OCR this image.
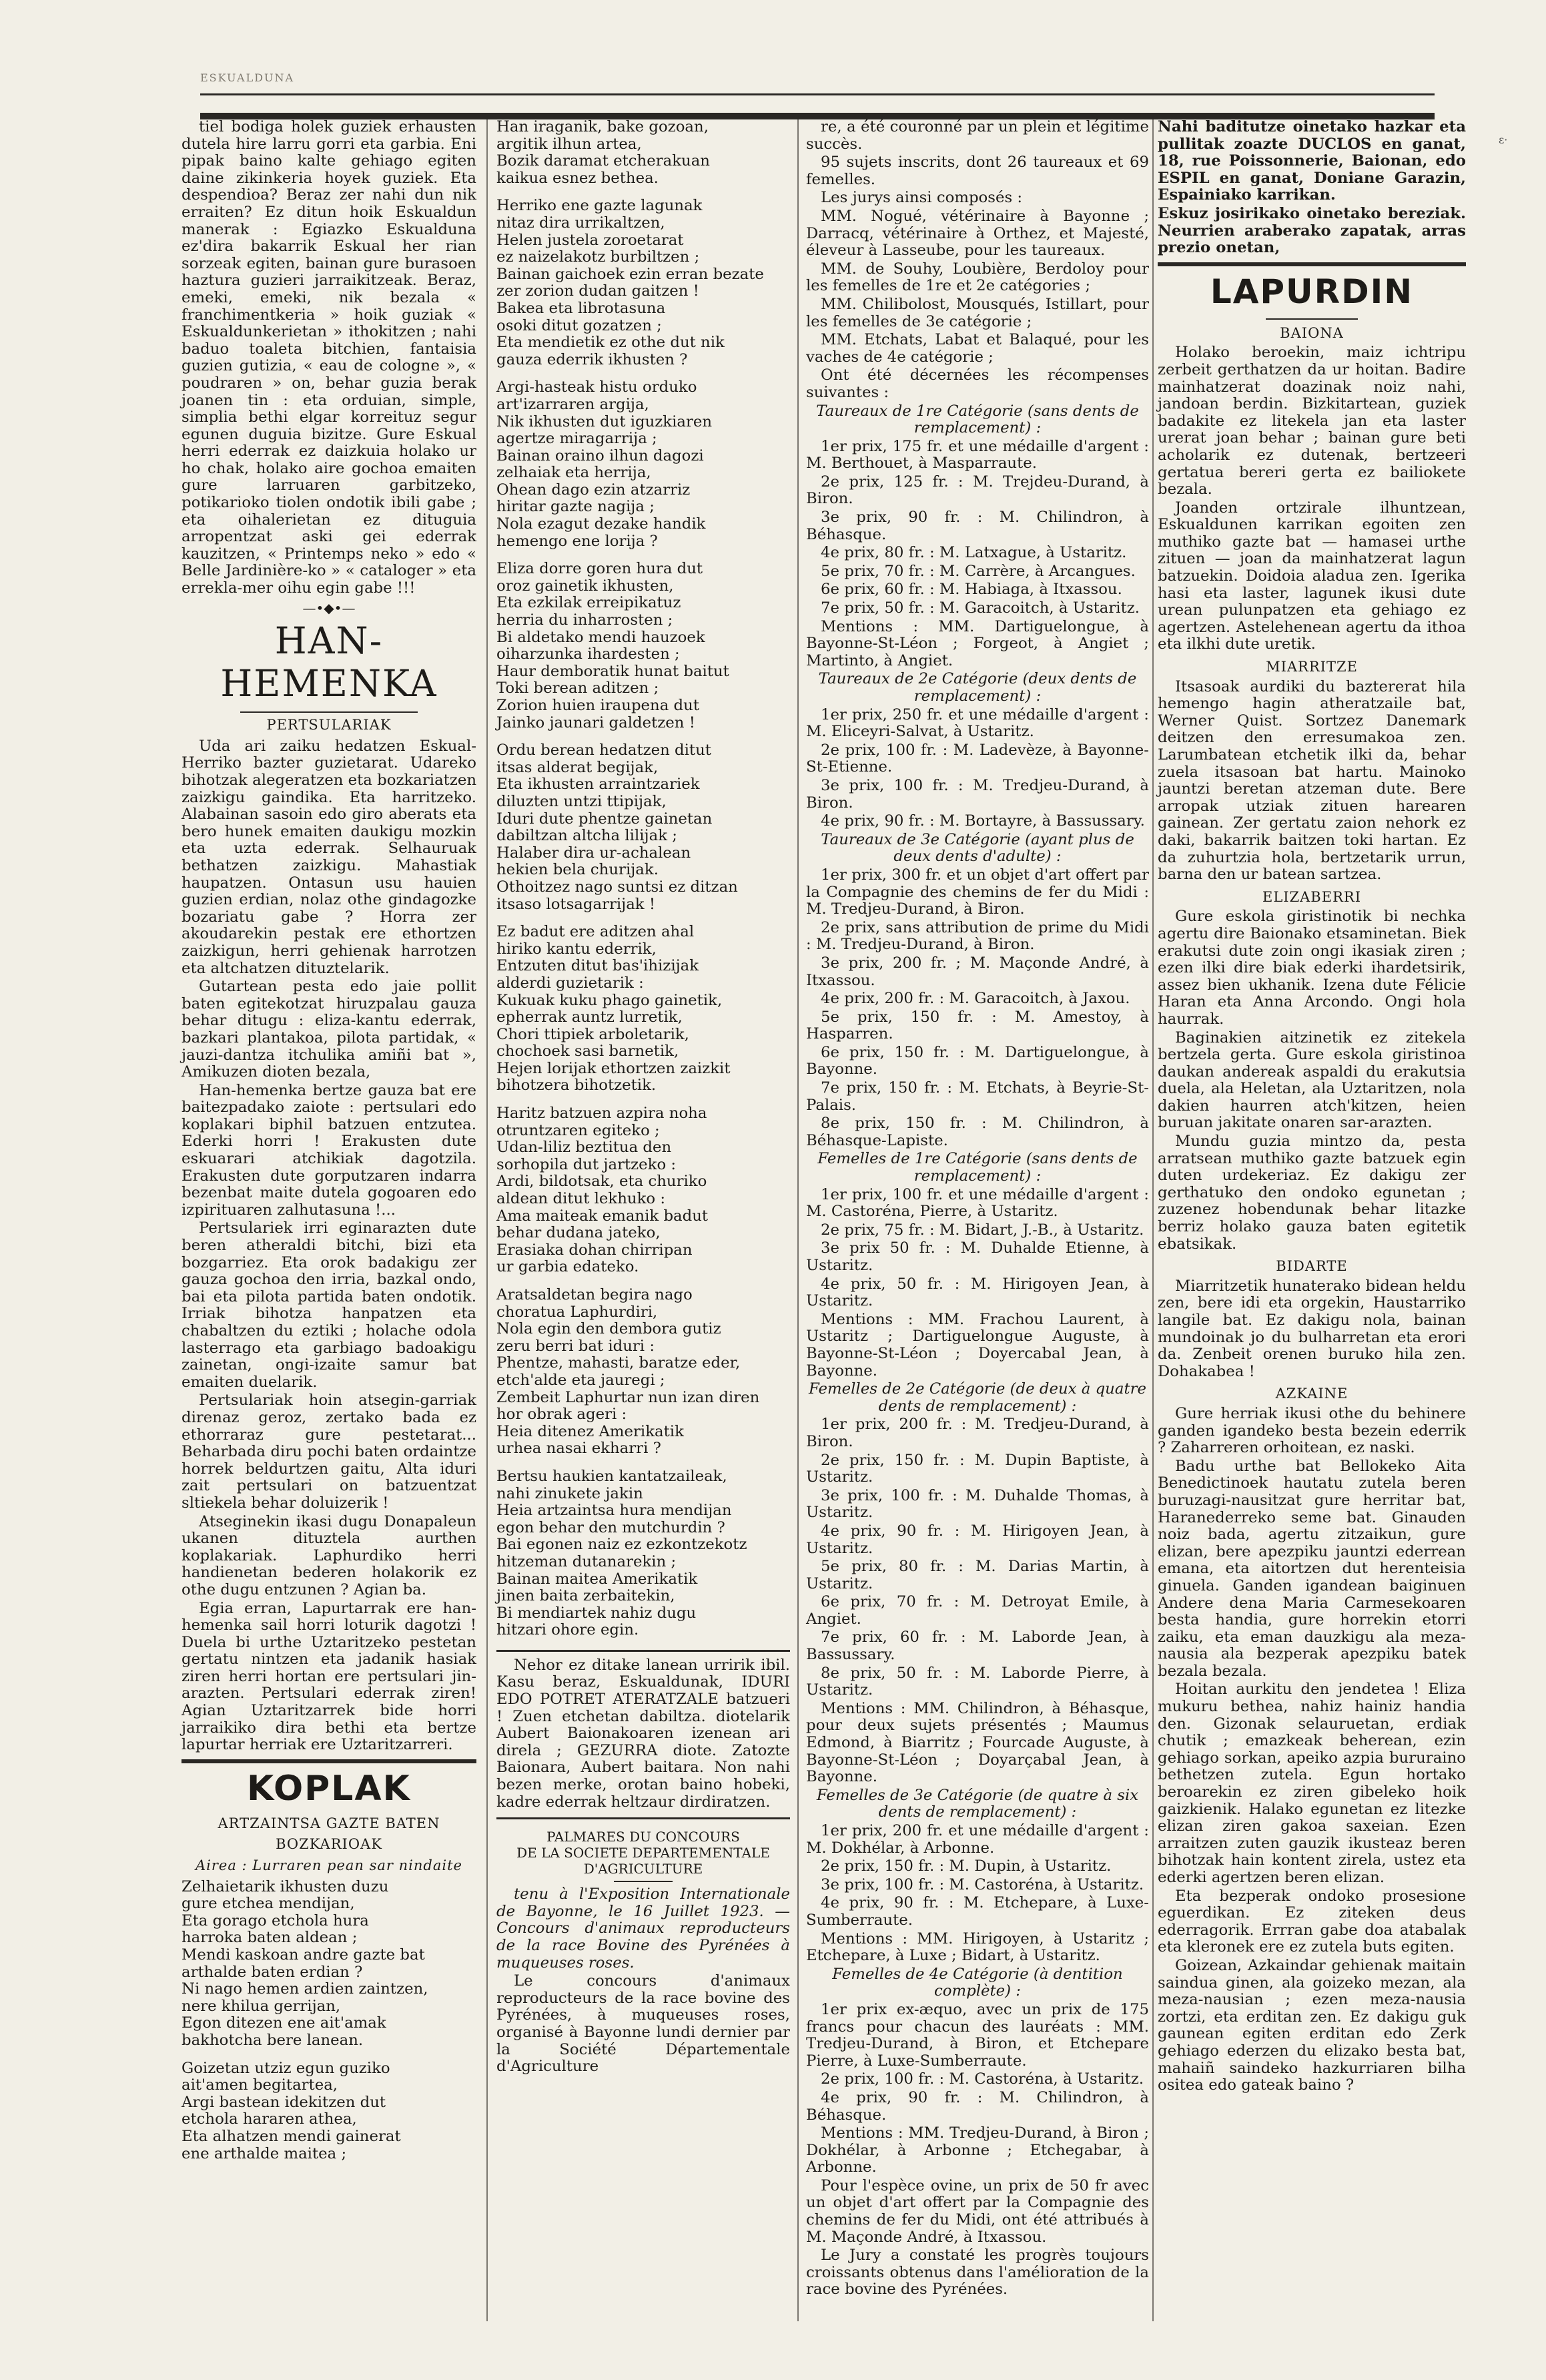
ESKUALDUNA
ɛ·

tiel bodiga holek guziek erhausten dutela hire larru gorri eta garbia. Eni pipak baino kalte gehiago egiten daine zikinkeria hoyek guziek. Eta despendioa? Beraz zer nahi dun nik erraiten? Ez ditun hoik Eskualdun manerak : Egiazko Eskualduna ez'dira bakarrik Eskual her rian sorzeak egiten, bainan gure burasoen haztura guzieri jarraikitzeak. Beraz, emeki, emeki, nik bezala « franchimentkeria » hoik guziak « Eskualdunkerietan » ithokitzen ; nahi baduo toaleta bitchien, fantaisia guzien gutizia, « eau de cologne », « poudraren » on, behar guzia berak joanen tin : eta orduian, simple, simplia bethi elgar korreituz segur egunen duguia bizitze. Gure Eskual herri ederrak ez daizkuia holako ur ho chak, holako aire gochoa emaiten gure larruaren garbitzeko, potikarioko tiolen ondotik ibili gabe ; eta oihalerietan ez dituguia arropentzat aski gei ederrak kauzitzen, « Printemps neko » edo « Belle Jardinière-ko » « cataloger » eta errekla-mer oihu egin gabe !!!

—•◆•—
HAN-HEMENKA
PERTSULARIAK

Uda ari zaiku hedatzen Eskual-Herriko bazter guzietarat. Udareko bihotzak alegeratzen eta bozkariatzen zaizkigu gaindika. Eta harritzeko. Alabainan sasoin edo giro aberats eta bero hunek emaiten daukigu mozkin eta uzta ederrak. Selhauruak bethatzen zaizkigu. Mahastiak haupatzen. Ontasun usu hauien guzien erdian, nolaz othe gindagozke bozariatu gabe ? Horra zer akoudarekin pestak ere ethortzen zaizkigun, herri gehienak harrotzen eta altchatzen dituztelarik.

Gutartean pesta edo jaie pollit baten egitekotzat hiruzpalau gauza behar ditugu : eliza-kantu ederrak, bazkari plantakoa, pilota partidak, « jauzi-dantza itchulika amiñi bat », Amikuzen dioten bezala,

Han-hemenka bertze gauza bat ere baitezpadako zaiote : pertsulari edo koplakari biphil batzuen entzutea. Ederki horri ! Erakusten dute eskuarari atchikiak dagotzila. Erakusten dute gorputzaren indarra bezenbat maite dutela gogoaren edo izpirituaren zalhutasuna !...

Pertsulariek irri eginarazten dute beren atheraldi bitchi, bizi eta bozgarriez. Eta orok badakigu zer gauza gochoa den irria, bazkal ondo, bai eta pilota partida baten ondotik. Irriak bihotza hanpatzen eta chabaltzen du eztiki ; holache odola lasterrago eta garbiago badoakigu zainetan, ongi-izaite samur bat emaiten duelarik.

Pertsulariak hoin atsegin-garriak direnaz geroz, zertako bada ez ethorraraz gure pestetarat... Beharbada diru pochi baten ordaintze horrek beldurtzen gaitu, Alta iduri zait pertsulari on batzuentzat sltiekela behar doluizerik !

Atseginekin ikasi dugu Donapaleun ukanen dituztela aurthen koplakariak. Laphurdiko herri handienetan bederen holakorik ez othe dugu entzunen ? Agian ba.

Egia erran, Lapurtarrak ere han-hemenka sail horri loturik dagotzi ! Duela bi urthe Uztaritzeko pestetan gertatu nintzen eta jadanik hasiak ziren herri hortan ere pertsulari jin-arazten. Pertsulari ederrak ziren! Agian Uztaritzarrek bide horri jarraikiko dira bethi eta bertze lapurtar herriak ere Uztaritzarreri.

KOPLAK
ARTZAINTSA GAZTE BATEN
BOZKARIOAK
Airea : Lurraren pean sar nindaite

Zelhaietarik ikhusten duzu

gure etchea mendijan,

Eta gorago etchola hura

harroka baten aldean ;

Mendi kaskoan andre gazte bat

arthalde baten erdian ?

Ni nago hemen ardien zaintzen,

nere khilua gerrijan,

Egon ditezen ene ait'amak

bakhotcha bere lanean.

Goizetan utziz egun guziko

ait'amen begitartea,

Argi bastean idekitzen dut

etchola hararen athea,

Eta alhatzen mendi gainerat

ene arthalde maitea ;

Han iraganik, bake gozoan,

argitik ilhun artea,

Bozik daramat etcherakuan

kaikua esnez bethea.

Herriko ene gazte lagunak

nitaz dira urrikaltzen,

Helen justela zoroetarat

ez naizelakotz burbiltzen ;

Bainan gaichoek ezin erran bezate

zer zorion dudan gaitzen !

Bakea eta librotasuna

osoki ditut gozatzen ;

Eta mendietik ez othe dut nik

gauza ederrik ikhusten ?

Argi-hasteak histu orduko

art'izarraren argija,

Nik ikhusten dut iguzkiaren

agertze miragarrija ;

Bainan oraino ilhun dagozi

zelhaiak eta herrija,

Ohean dago ezin atzarriz

hiritar gazte nagija ;

Nola ezagut dezake handik

hemengo ene lorija ?

Eliza dorre goren hura dut

oroz gainetik ikhusten,

Eta ezkilak erreipikatuz

herria du inharrosten ;

Bi aldetako mendi hauzoek

oiharzunka ihardesten ;

Haur demboratik hunat baitut

Toki berean aditzen ;

Zorion huien iraupena dut

Jainko jaunari galdetzen !

Ordu berean hedatzen ditut

itsas alderat begijak,

Eta ikhusten arraintzariek

diluzten untzi ttipijak,

Iduri dute phentze gainetan

dabiltzan altcha lilijak ;

Halaber dira ur-achalean

hekien bela churijak.

Othoitzez nago suntsi ez ditzan

itsaso lotsagarrijak !

Ez badut ere aditzen ahal

hiriko kantu ederrik,

Entzuten ditut bas'ihizijak

alderdi guzietarik :

Kukuak kuku phago gainetik,

epherrak auntz lurretik,

Chori ttipiek arboletarik,

chochoek sasi barnetik,

Hejen lorijak ethortzen zaizkit

bihotzera bihotzetik.

Haritz batzuen azpira noha

otruntzaren egiteko ;

Udan-liliz beztitua den

sorhopila dut jartzeko :

Ardi, bildotsak, eta churiko

aldean ditut lekhuko :

Ama maiteak emanik badut

behar dudana jateko,

Erasiaka dohan chirripan

ur garbia edateko.

Aratsaldetan begira nago

choratua Laphurdiri,

Nola egin den dembora gutiz

zeru berri bat iduri :

Phentze, mahasti, baratze eder,

etch'alde eta jauregi ;

Zembeit Laphurtar nun izan diren

hor obrak ageri :

Heia ditenez Amerikatik

urhea nasai ekharri ?

Bertsu haukien kantatzaileak,

nahi zinukete jakin

Heia artzaintsa hura mendijan

egon behar den mutchurdin ?

Bai egonen naiz ez ezkontzekotz

hitzeman dutanarekin ;

Bainan maitea Amerikatik

jinen baita zerbaitekin,

Bi mendiartek nahiz dugu

hitzari ohore egin.

Nehor ez ditake lanean urririk ibil. Kasu beraz, Eskualdunak, IDURI EDO POTRET ATERATZALE batzueri ! Zuen etchetan dabiltza. diotelarik Aubert Baionakoaren izenean ari direla ; GEZURRA diote. Zatozte Baionara, Aubert baitara. Non nahi bezen merke, orotan baino hobeki, kadre ederrak heltzaur dirdiratzen.

PALMARES DU CONCOURS
DE LA SOCIETE DEPARTEMENTALE
D'AGRICULTURE

tenu à l'Exposition Internationale de Bayonne, le 16 Juillet 1923. — Concours d'animaux reproducteurs de la race Bovine des Pyrénées à muqueuses roses.

Le concours d'animaux reproducteurs de la race bovine des Pyrénées, à muqueuses roses, organisé à Bayonne lundi dernier par la Société Départementale d'Agriculture

re, a été couronné par un plein et légitime succès.

95 sujets inscrits, dont 26 taureaux et 69 femelles.

Les jurys ainsi composés :

MM. Nogué, vétérinaire à Bayonne ; Darracq, vétérinaire à Orthez, et Majesté, éleveur à Lasseube, pour les taureaux.

MM. de Souhy, Loubière, Berdoloy pour les femelles de 1re et 2e catégories ;

MM. Chilibolost, Mousqués, Istillart, pour les femelles de 3e catégorie ;

MM. Etchats, Labat et Balaqué, pour les vaches de 4e catégorie ;

Ont été décernées les récompenses suivantes :

Taureaux de 1re Catégorie (sans dents de remplacement) :

1er prix, 175 fr. et une médaille d'argent : M. Berthouet, à Masparraute.

2e prix, 125 fr. : M. Trejdeu-Durand, à Biron.

3e prix, 90 fr. : M. Chilindron, à Béhasque.

4e prix, 80 fr. : M. Latxague, à Ustaritz.

5e prix, 70 fr. : M. Carrère, à Arcangues.

6e prix, 60 fr. : M. Habiaga, à Itxassou.

7e prix, 50 fr. : M. Garacoitch, à Ustaritz.

Mentions : MM. Dartiguelongue, à Bayonne-St-Léon ; Forgeot, à Angiet ; Martinto, à Angiet.

Taureaux de 2e Catégorie (deux dents de remplacement) :

1er prix, 250 fr. et une médaille d'argent : M. Eliceyri-Salvat, à Ustaritz.

2e prix, 100 fr. : M. Ladevèze, à Bayonne-St-Etienne.

3e prix, 100 fr. : M. Tredjeu-Durand, à Biron.

4e prix, 90 fr. : M. Bortayre, à Bassussary.

Taureaux de 3e Catégorie (ayant plus de deux dents d'adulte) :

1er prix, 300 fr. et un objet d'art offert par la Compagnie des chemins de fer du Midi : M. Tredjeu-Durand, à Biron.

2e prix, sans attribution de prime du Midi : M. Tredjeu-Durand, à Biron.

3e prix, 200 fr. ; M. Maçonde André, à Itxassou.

4e prix, 200 fr. : M. Garacoitch, à Jaxou.

5e prix, 150 fr. : M. Amestoy, à Hasparren.

6e prix, 150 fr. : M. Dartiguelongue, à Bayonne.

7e prix, 150 fr. : M. Etchats, à Beyrie-St-Palais.

8e prix, 150 fr. : M. Chilindron, à Béhasque-Lapiste.

Femelles de 1re Catégorie (sans dents de remplacement) :

1er prix, 100 fr. et une médaille d'argent : M. Castoréna, Pierre, à Ustaritz.

2e prix, 75 fr. : M. Bidart, J.-B., à Ustaritz.

3e prix 50 fr. : M. Duhalde Etienne, à Ustaritz.

4e prix, 50 fr. : M. Hirigoyen Jean, à Ustaritz.

Mentions : MM. Frachou Laurent, à Ustaritz ; Dartiguelongue Auguste, à Bayonne-St-Léon ; Doyercabal Jean, à Bayonne.

Femelles de 2e Catégorie (de deux à quatre dents de remplacement) :

1er prix, 200 fr. : M. Tredjeu-Durand, à Biron.

2e prix, 150 fr. : M. Dupin Baptiste, à Ustaritz.

3e prix, 100 fr. : M. Duhalde Thomas, à Ustaritz.

4e prix, 90 fr. : M. Hirigoyen Jean, à Ustaritz.

5e prix, 80 fr. : M. Darias Martin, à Ustaritz.

6e prix, 70 fr. : M. Detroyat Emile, à Angiet.

7e prix, 60 fr. : M. Laborde Jean, à Bassussary.

8e prix, 50 fr. : M. Laborde Pierre, à Ustaritz.

Mentions : MM. Chilindron, à Béhasque, pour deux sujets présentés ; Maumus Edmond, à Biarritz ; Fourcade Auguste, à Bayonne-St-Léon ; Doyarçabal Jean, à Bayonne.

Femelles de 3e Catégorie (de quatre à six dents de remplacement) :

1er prix, 200 fr. et une médaille d'argent : M. Dokhélar, à Arbonne.

2e prix, 150 fr. : M. Dupin, à Ustaritz.

3e prix, 100 fr. : M. Castoréna, à Ustaritz.

4e prix, 90 fr. : M. Etchepare, à Luxe-Sumberraute.

Mentions : MM. Hirigoyen, à Ustaritz ; Etchepare, à Luxe ; Bidart, à Ustaritz.

Femelles de 4e Catégorie (à dentition complète) :

1er prix ex-æquo, avec un prix de 175 francs pour chacun des lauréats : MM. Tredjeu-Durand, à Biron, et Etchepare Pierre, à Luxe-Sumberraute.

2e prix, 100 fr. : M. Castoréna, à Ustaritz.

4e prix, 90 fr. : M. Chilindron, à Béhasque.

Mentions : MM. Tredjeu-Durand, à Biron ; Dokhélar, à Arbonne ; Etchegabar, à Arbonne.

Pour l'espèce ovine, un prix de 50 fr avec un objet d'art offert par la Compagnie des chemins de fer du Midi, ont été attribués à M. Maçonde André, à Itxassou.

Le Jury a constaté les progrès toujours croissants obtenus dans l'amélioration de la race bovine des Pyrénées.

Nahi baditutze oinetako hazkar eta pullitak zoazte DUCLOS en ganat, 18, rue Poissonnerie, Baionan, edo ESPIL en ganat, Doniane Garazin, Espainiako karrikan.

Eskuz josirikako oinetako bereziak. Neurrien araberako zapatak, arras prezio onetan,

LAPURDIN
BAIONA

Holako beroekin, maiz ichtripu zerbeit gerthatzen da ur hoitan. Badire mainhatzerat doazinak noiz nahi, jandoan berdin. Bizkitartean, guziek badakite ez litekela jan eta laster urerat joan behar ; bainan gure beti acholarik ez dutenak, bertzeeri gertatua bereri gerta ez bailiokete bezala.

Joanden ortzirale ilhuntzean, Eskualdunen karrikan egoiten zen muthiko gazte bat — hamasei urthe zituen — joan da mainhatzerat lagun batzuekin. Doidoia aladua zen. Igerika hasi eta laster, lagunek ikusi dute urean pulunpatzen eta gehiago ez agertzen. Astelehenean agertu da ithoa eta ilkhi dute uretik.

MIARRITZE

Itsasoak aurdiki du baztererat hila hemengo hagin atheratzaile bat, Werner Quist. Sortzez Danemark deitzen den erresumakoa zen. Larumbatean etchetik ilki da, behar zuela itsasoan bat hartu. Mainoko jauntzi beretan atzeman dute. Bere arropak utziak zituen harearen gainean. Zer gertatu zaion nehork ez daki, bakarrik baitzen toki hartan. Ez da zuhurtzia hola, bertzetarik urrun, barna den ur batean sartzea.

ELIZABERRI

Gure eskola giristinotik bi nechka agertu dire Baionako etsaminetan. Biek erakutsi dute zoin ongi ikasiak ziren ; ezen ilki dire biak ederki ihardetsirik, assez bien ukhanik. Izena dute Félicie Haran eta Anna Arcondo. Ongi hola haurrak.

Baginakien aitzinetik ez zitekela bertzela gerta. Gure eskola giristinoa daukan andereak aspaldi du erakutsia duela, ala Heletan, ala Uztaritzen, nola dakien haurren atch'kitzen, heien buruan jakitate onaren sar-arazten.

Mundu guzia mintzo da, pesta arratsean muthiko gazte batzuek egin duten urdekeriaz. Ez dakigu zer gerthatuko den ondoko egunetan ; zuzenez hobendunak behar litazke berriz holako gauza baten egitetik ebatsikak.

BIDARTE

Miarritzetik hunaterako bidean heldu zen, bere idi eta orgekin, Haustarriko langile bat. Ez dakigu nola, bainan mundoinak jo du bulharretan eta erori da. Zenbeit orenen buruko hila zen. Dohakabea !

AZKAINE

Gure herriak ikusi othe du behinere ganden igandeko besta bezein ederrik ? Zaharreren orhoitean, ez naski.

Badu urthe bat Bellokeko Aita Benedictinoek hautatu zutela beren buruzagi-nausitzat gure herritar bat, Haranederreko seme bat. Ginauden noiz bada, agertu zitzaikun, gure elizan, bere apezpiku jauntzi ederrean emana, eta aitortzen dut herenteisia ginuela. Ganden igandean baiginuen Andere dena Maria Carmesekoaren besta handia, gure horrekin etorri zaiku, eta eman dauzkigu ala meza-nausia ala bezperak apezpiku batek bezala bezala.

Hoitan aurkitu den jendetea ! Eliza mukuru bethea, nahiz hainiz handia den. Gizonak selauruetan, erdiak chutik ; emazkeak beherean, ezin gehiago sorkan, apeiko azpia bururaino bethetzen zutela. Egun hortako beroarekin ez ziren gibeleko hoik gaizkienik. Halako egunetan ez litezke elizan ziren gakoa saxeian. Ezen arraitzen zuten gauzik ikusteaz beren bihotzak hain kontent zirela, ustez eta ederki agertzen beren elizan.

Eta bezperak ondoko prosesione eguerdikan. Ez ziteken deus ederragorik. Errran gabe doa atabalak eta kleronek ere ez zutela buts egiten.

Goizean, Azkaindar gehienak maitain saindua ginen, ala goizeko mezan, ala meza-nausian ; ezen meza-nausia zortzi, eta erditan zen. Ez dakigu guk gaunean egiten erditan edo Zerk gehiago ederzen du elizako besta bat, mahaiñ saindeko hazkurriaren bilha ositea edo gateak baino ?
